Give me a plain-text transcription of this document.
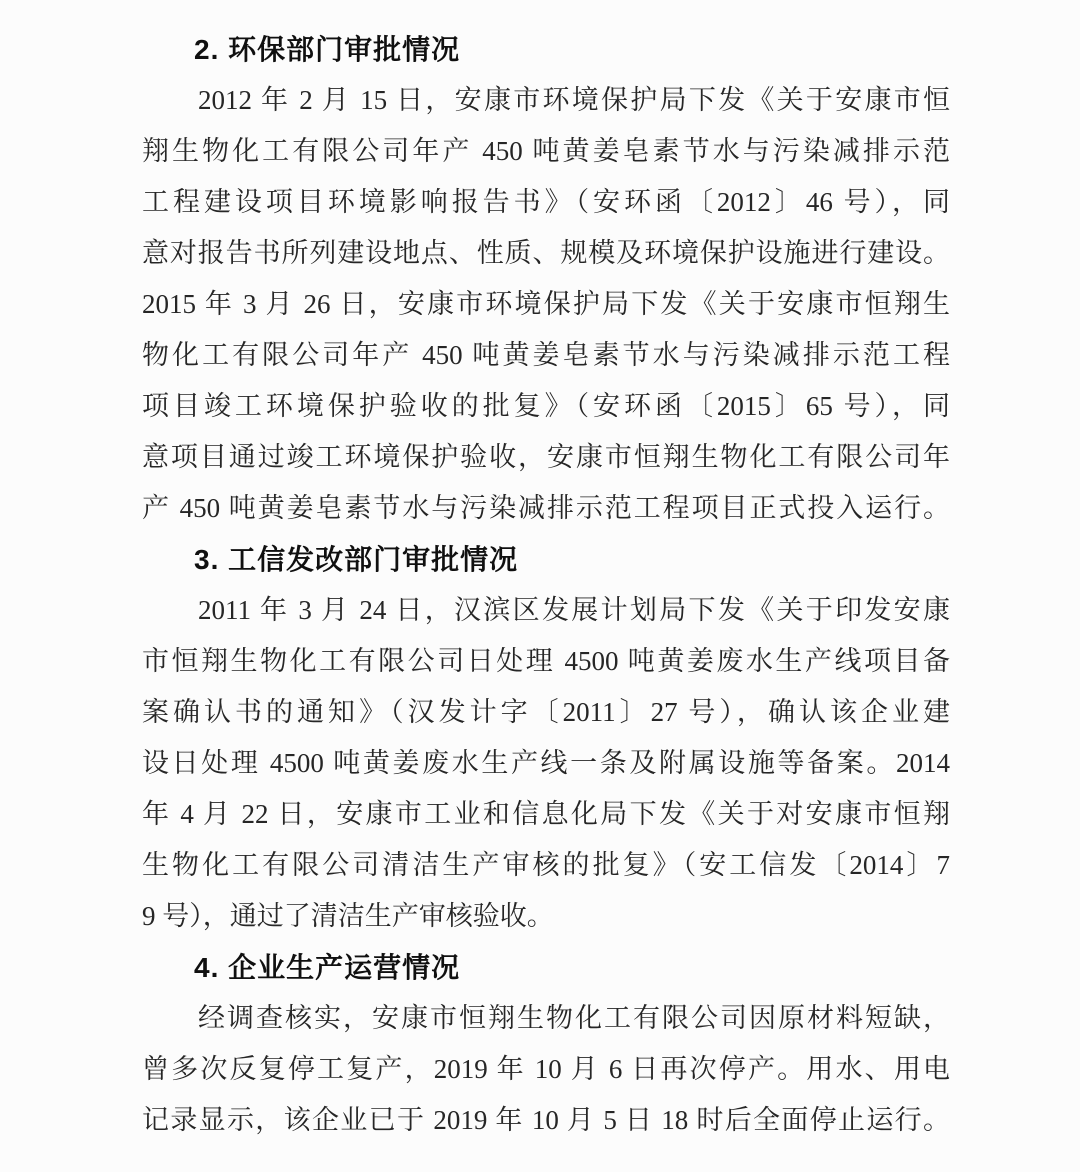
2. 环保部门审批情况
2012 年 2 月 15 日，安康市环境保护局下发《关于安康市恒
翔生物化工有限公司年产 450 吨黄姜皂素节水与污染减排示范
工程建设项目环境影响报告书》（安环函〔2012〕46 号），同
意对报告书所列建设地点、性质、规模及环境保护设施进行建设。
2015 年 3 月 26 日，安康市环境保护局下发《关于安康市恒翔生
物化工有限公司年产 450 吨黄姜皂素节水与污染减排示范工程
项目竣工环境保护验收的批复》（安环函〔2015〕65 号），同
意项目通过竣工环境保护验收，安康市恒翔生物化工有限公司年
产 450 吨黄姜皂素节水与污染减排示范工程项目正式投入运行。
3. 工信发改部门审批情况
2011 年 3 月 24 日，汉滨区发展计划局下发《关于印发安康
市恒翔生物化工有限公司日处理 4500 吨黄姜废水生产线项目备
案确认书的通知》（汉发计字〔2011〕27 号），确认该企业建
设日处理 4500 吨黄姜废水生产线一条及附属设施等备案。2014
年 4 月 22 日，安康市工业和信息化局下发《关于对安康市恒翔
生物化工有限公司清洁生产审核的批复》（安工信发〔2014〕7
9 号），通过了清洁生产审核验收。
4. 企业生产运营情况
经调查核实，安康市恒翔生物化工有限公司因原材料短缺，
曾多次反复停工复产，2019 年 10 月 6 日再次停产。用水、用电
记录显示，该企业已于 2019 年 10 月 5 日 18 时后全面停止运行。
